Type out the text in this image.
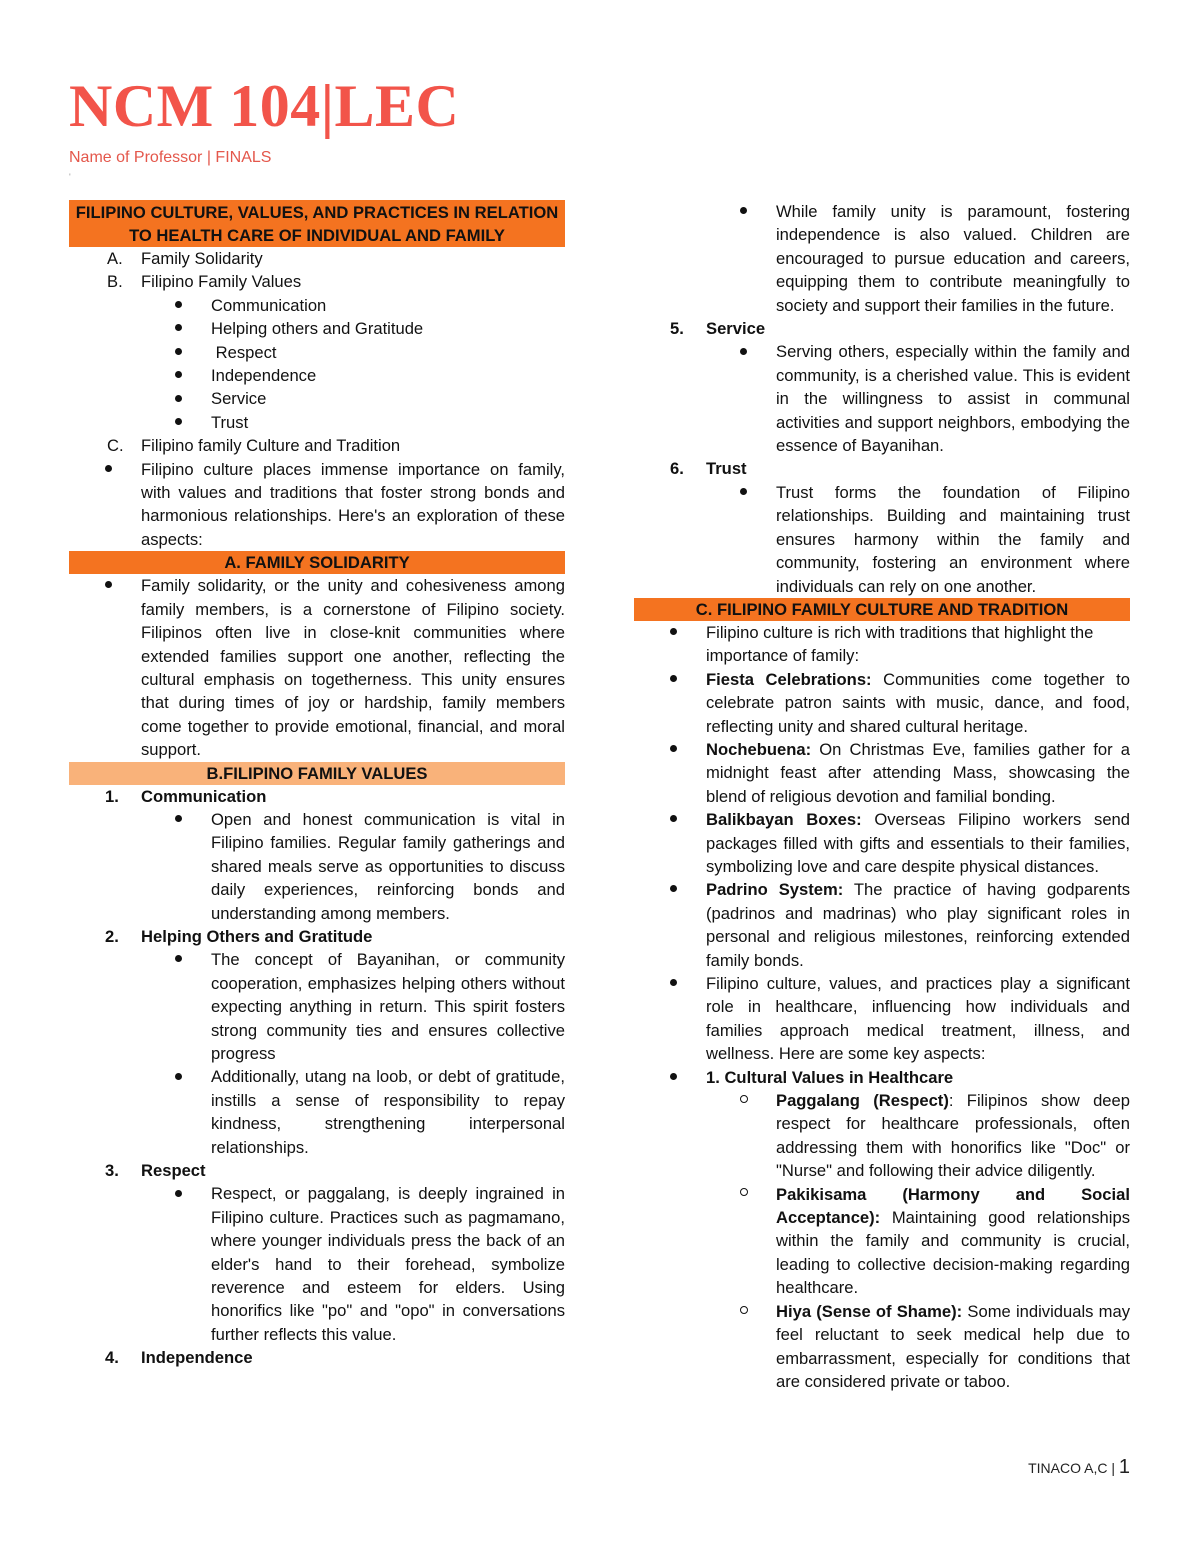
NCM 104|LEC
Name of Professor | FINALS
'
FILIPINO CULTURE, VALUES, AND PRACTICES IN RELATION TO HEALTH CARE OF INDIVIDUAL AND FAMILY
A.	Family Solidarity
B.	Filipino Family Values
Communication
Helping others and Gratitude
Respect
Independence
Service
Trust
C.	Filipino family Culture and Tradition
Filipino culture places immense importance on family, with values and traditions that foster strong bonds and harmonious relationships. Here's an exploration of these aspects:
A. FAMILY SOLIDARITY
Family solidarity, or the unity and cohesiveness among family members, is a cornerstone of Filipino society. Filipinos often live in close-knit communities where extended families support one another, reflecting the cultural emphasis on togetherness. This unity ensures that during times of joy or hardship, family members come together to provide emotional, financial, and moral support.
B.FILIPINO FAMILY VALUES
1.	Communication
Open and honest communication is vital in Filipino families. Regular family gatherings and shared meals serve as opportunities to discuss daily experiences, reinforcing bonds and understanding among members.
2.	Helping Others and Gratitude
The concept of Bayanihan, or community cooperation, emphasizes helping others without expecting anything in return. This spirit fosters strong community ties and ensures collective progress
Additionally, utang na loob, or debt of gratitude, instills a sense of responsibility to repay kindness, strengthening interpersonal relationships.
3.	Respect
Respect, or paggalang, is deeply ingrained in Filipino culture. Practices such as pagmamano, where younger individuals press the back of an elder's hand to their forehead, symbolize reverence and esteem for elders. Using honorifics like "po" and "opo" in conversations further reflects this value.
4.	Independence
While family unity is paramount, fostering independence is also valued. Children are encouraged to pursue education and careers, equipping them to contribute meaningfully to society and support their families in the future.
5.	Service
Serving others, especially within the family and community, is a cherished value. This is evident in the willingness to assist in communal activities and support neighbors, embodying the essence of Bayanihan.
6.	Trust
Trust forms the foundation of Filipino relationships. Building and maintaining trust ensures harmony within the family and community, fostering an environment where individuals can rely on one another.
C. FILIPINO FAMILY CULTURE AND TRADITION
Filipino culture is rich with traditions that highlight the importance of family:
Fiesta Celebrations: Communities come together to celebrate patron saints with music, dance, and food, reflecting unity and shared cultural heritage.
Nochebuena: On Christmas Eve, families gather for a midnight feast after attending Mass, showcasing the blend of religious devotion and familial bonding.
Balikbayan Boxes: Overseas Filipino workers send packages filled with gifts and essentials to their families, symbolizing love and care despite physical distances.
Padrino System: The practice of having godparents (padrinos and madrinas) who play significant roles in personal and religious milestones, reinforcing extended family bonds.
Filipino culture, values, and practices play a significant role in healthcare, influencing how individuals and families approach medical treatment, illness, and wellness. Here are some key aspects:
1. Cultural Values in Healthcare
Paggalang (Respect): Filipinos show deep respect for healthcare professionals, often addressing them with honorifics like "Doc" or "Nurse" and following their advice diligently.
Pakikisama (Harmony and Social Acceptance): Maintaining good relationships within the family and community is crucial, leading to collective decision-making regarding healthcare.
Hiya (Sense of Shame): Some individuals may feel reluctant to seek medical help due to embarrassment, especially for conditions that are considered private or taboo.
TINACO A,C | 1
